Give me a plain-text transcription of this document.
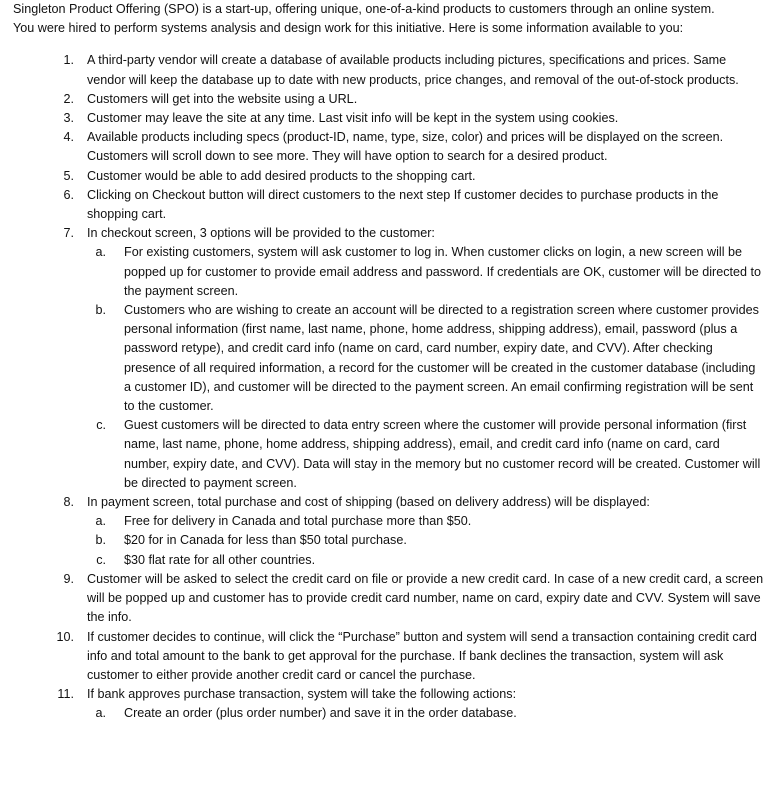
Singleton Product Offering (SPO) is a start-up, offering unique, one-of-a-kind products to customers through an online system.

You were hired to perform systems analysis and design work for this initiative. Here is some information available to you:

1.	A third-party vendor will create a database of available products including pictures, specifications and prices. Same vendor will keep the database up to date with new products, price changes, and removal of the out-of-stock products.
2.	Customers will get into the website using a URL.
3.	Customer may leave the site at any time. Last visit info will be kept in the system using cookies.
4.	Available products including specs (product-ID, name, type, size, color) and prices will be displayed on the screen. Customers will scroll down to see more. They will have option to search for a desired product.
5.	Customer would be able to add desired products to the shopping cart.
6.	Clicking on Checkout button will direct customers to the next step If customer decides to purchase products in the shopping cart.
7.	In checkout screen, 3 options will be provided to the customer:
a.	For existing customers, system will ask customer to log in. When customer clicks on login, a new screen will be popped up for customer to provide email address and password. If credentials are OK, customer will be directed to the payment screen.
b.	Customers who are wishing to create an account will be directed to a registration screen where customer provides personal information (first name, last name, phone, home address, shipping address), email, password (plus a password retype), and credit card info (name on card, card number, expiry date, and CVV). After checking presence of all required information, a record for the customer will be created in the customer database (including a customer ID), and customer will be directed to the payment screen. An email confirming registration will be sent to the customer.
c.	Guest customers will be directed to data entry screen where the customer will provide personal information (first name, last name, phone, home address, shipping address), email, and credit card info (name on card, card number, expiry date, and CVV). Data will stay in the memory but no customer record will be created. Customer will be directed to payment screen.
8.	In payment screen, total purchase and cost of shipping (based on delivery address) will be displayed:
a.	Free for delivery in Canada and total purchase more than $50.
b.	$20 for in Canada for less than $50 total purchase.
c.	$30 flat rate for all other countries.
9.	Customer will be asked to select the credit card on file or provide a new credit card. In case of a new credit card, a screen will be popped up and customer has to provide credit card number, name on card, expiry date and CVV. System will save the info.
10.	If customer decides to continue, will click the “Purchase” button and system will send a transaction containing credit card info and total amount to the bank to get approval for the purchase. If bank declines the transaction, system will ask customer to either provide another credit card or cancel the purchase.
11.	If bank approves purchase transaction, system will take the following actions:
a.	Create an order (plus order number) and save it in the order database.
